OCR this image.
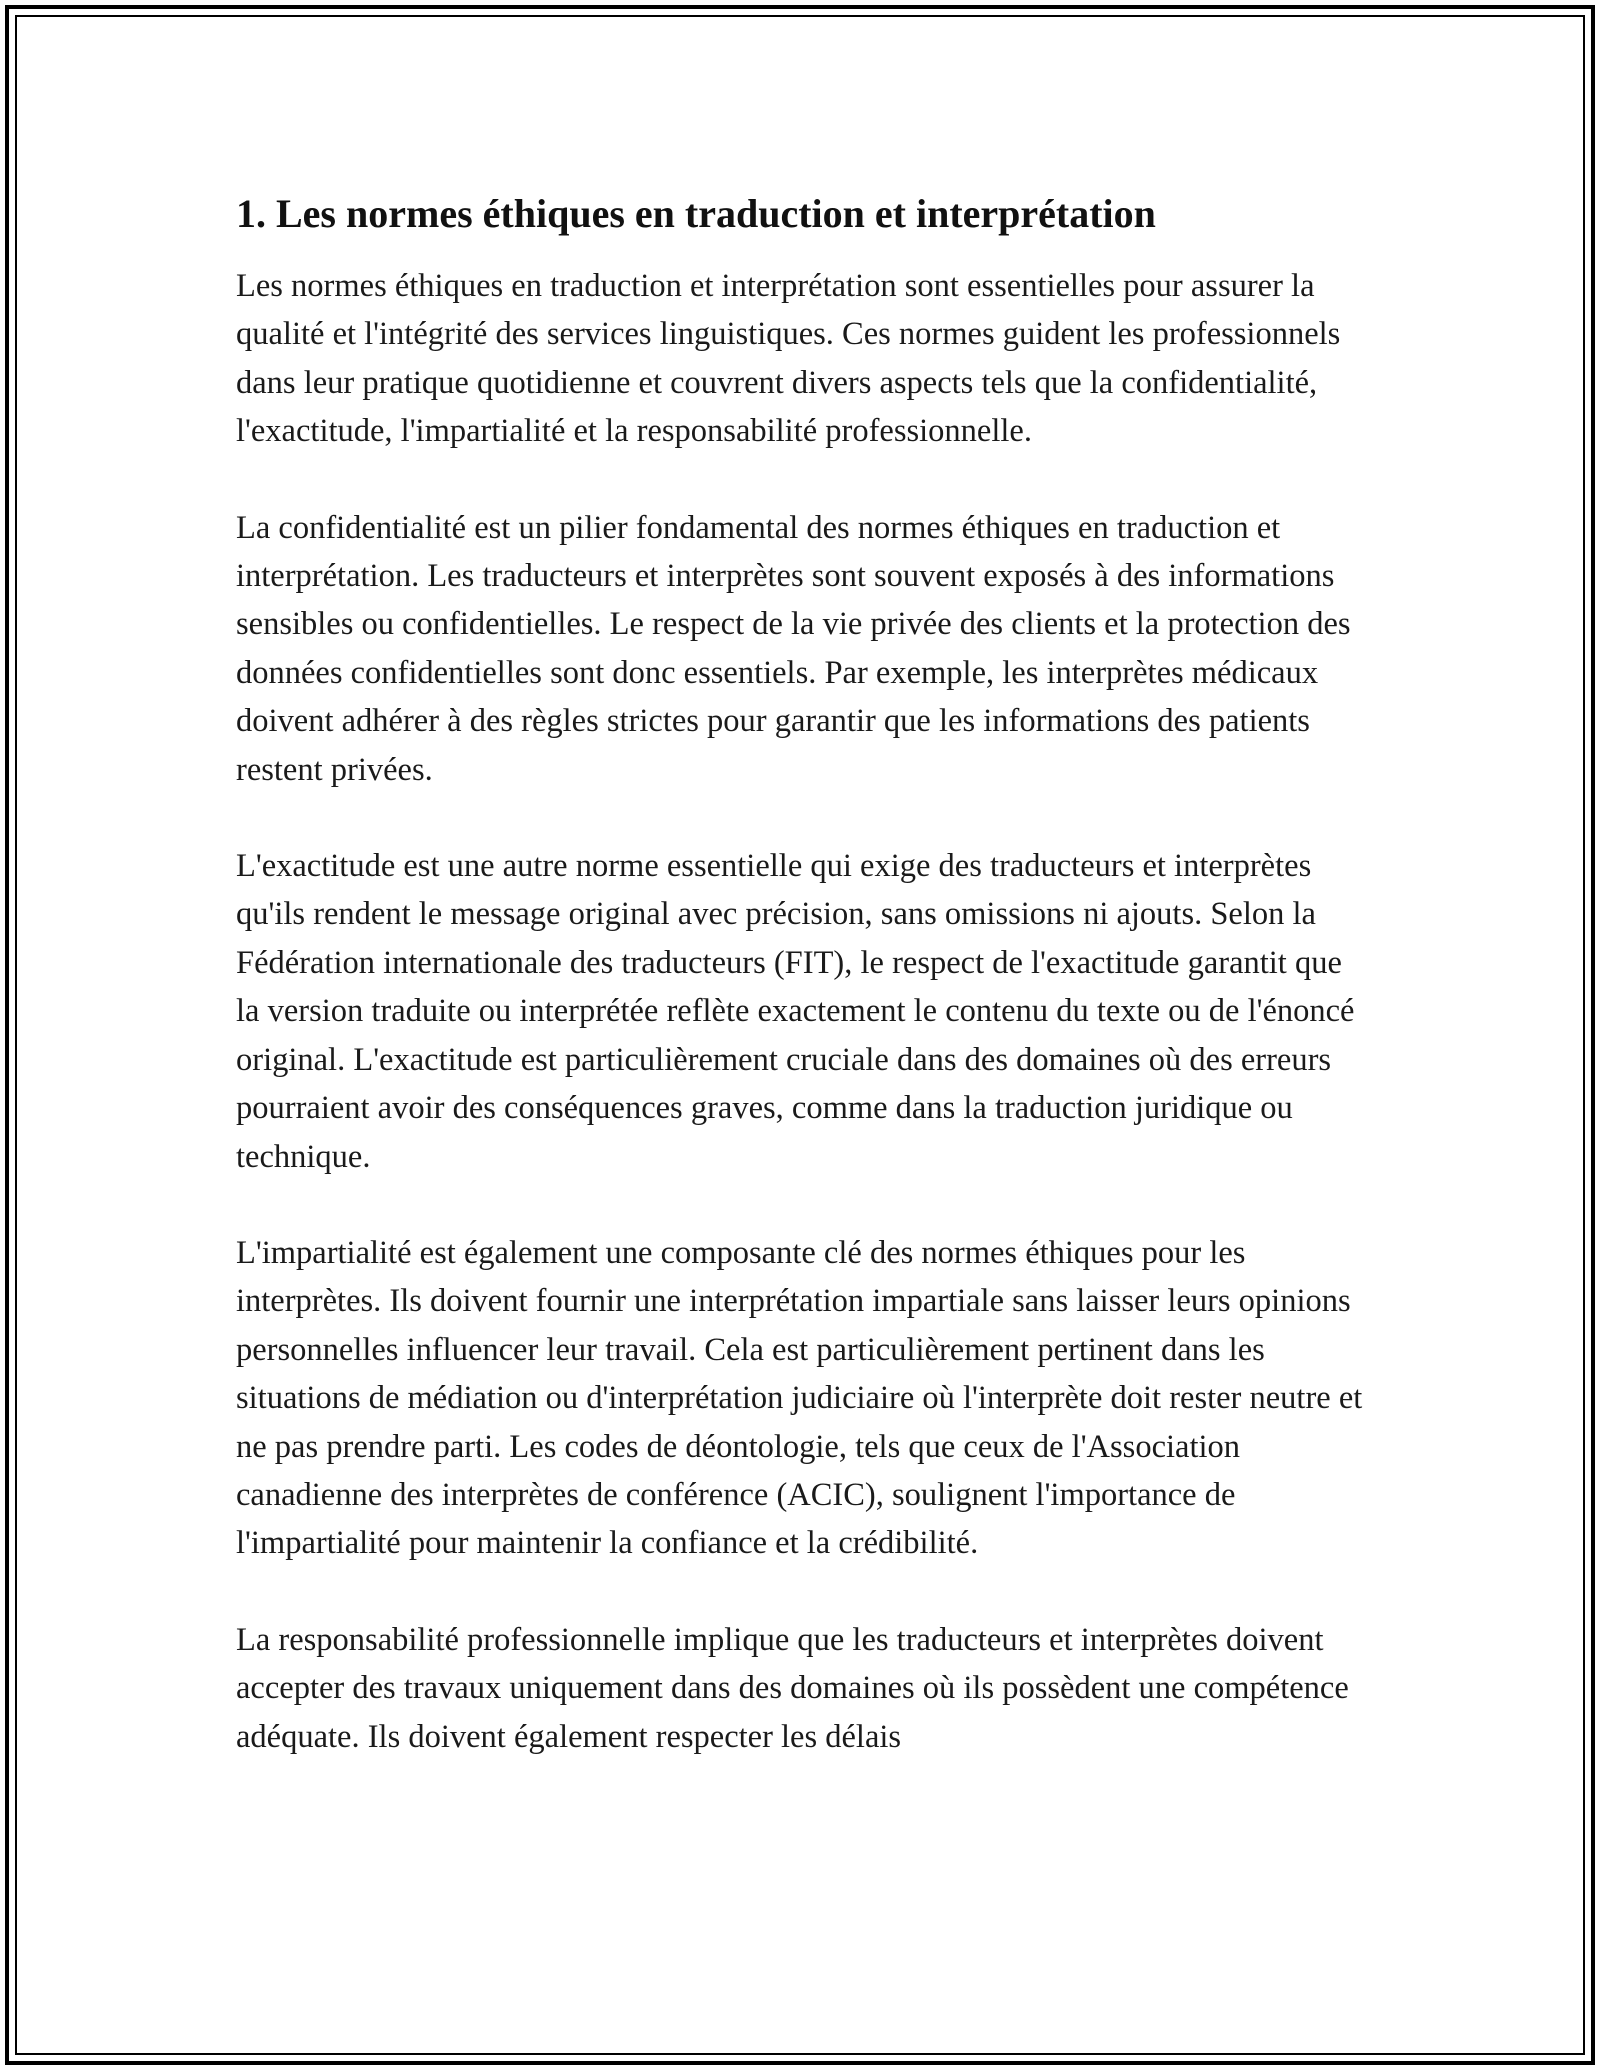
1. Les normes éthiques en traduction et interprétation

Les normes éthiques en traduction et interprétation sont essentielles pour assurer la qualité et l'intégrité des services linguistiques. Ces normes guident les professionnels dans leur pratique quotidienne et couvrent divers aspects tels que la confidentialité, l'exactitude, l'impartialité et la responsabilité professionnelle.

La confidentialité est un pilier fondamental des normes éthiques en traduction et interprétation. Les traducteurs et interprètes sont souvent exposés à des informations sensibles ou confidentielles. Le respect de la vie privée des clients et la protection des données confidentielles sont donc essentiels. Par exemple, les interprètes médicaux doivent adhérer à des règles strictes pour garantir que les informations des patients restent privées.

L'exactitude est une autre norme essentielle qui exige des traducteurs et interprètes qu'ils rendent le message original avec précision, sans omissions ni ajouts. Selon la Fédération internationale des traducteurs (FIT), le respect de l'exactitude garantit que la version traduite ou interprétée reflète exactement le contenu du texte ou de l'énoncé original. L'exactitude est particulièrement cruciale dans des domaines où des erreurs pourraient avoir des conséquences graves, comme dans la traduction juridique ou technique.

L'impartialité est également une composante clé des normes éthiques pour les interprètes. Ils doivent fournir une interprétation impartiale sans laisser leurs opinions personnelles influencer leur travail. Cela est particulièrement pertinent dans les situations de médiation ou d'interprétation judiciaire où l'interprète doit rester neutre et ne pas prendre parti. Les codes de déontologie, tels que ceux de l'Association canadienne des interprètes de conférence (ACIC), soulignent l'importance de l'impartialité pour maintenir la confiance et la crédibilité.

La responsabilité professionnelle implique que les traducteurs et interprètes doivent accepter des travaux uniquement dans des domaines où ils possèdent une compétence adéquate. Ils doivent également respecter les délais
